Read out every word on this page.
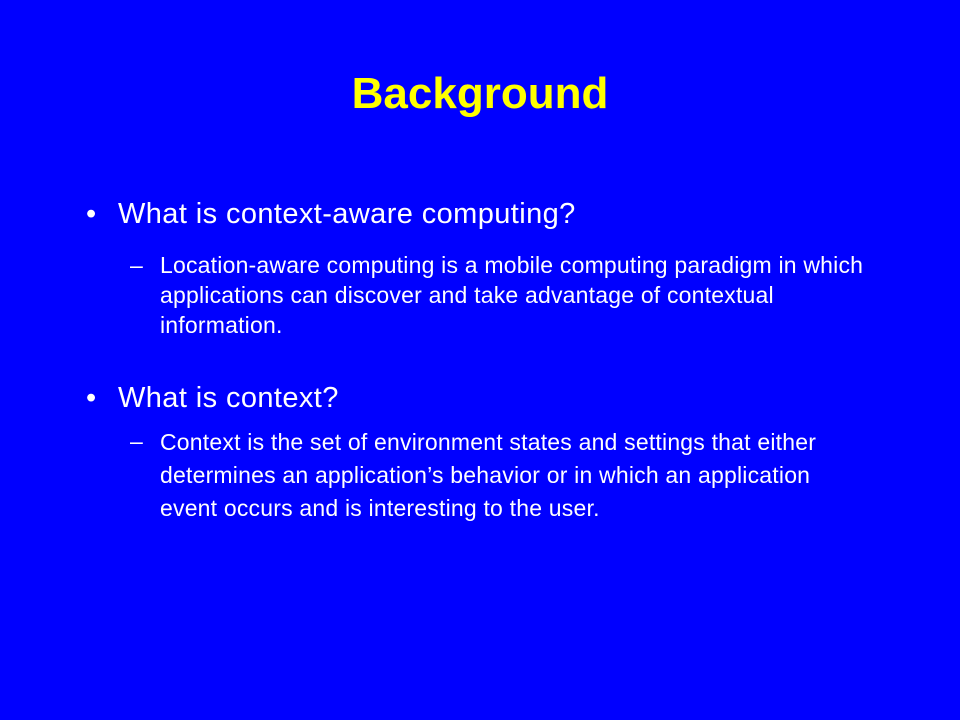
Background
• What is context-aware computing?
– Location-aware computing is a mobile computing paradigm in which applications can discover and take advantage of contextual information.
• What is context?
– Context is the set of environment states and settings that either determines an application’s behavior or in which an application event occurs and is interesting to the user.
